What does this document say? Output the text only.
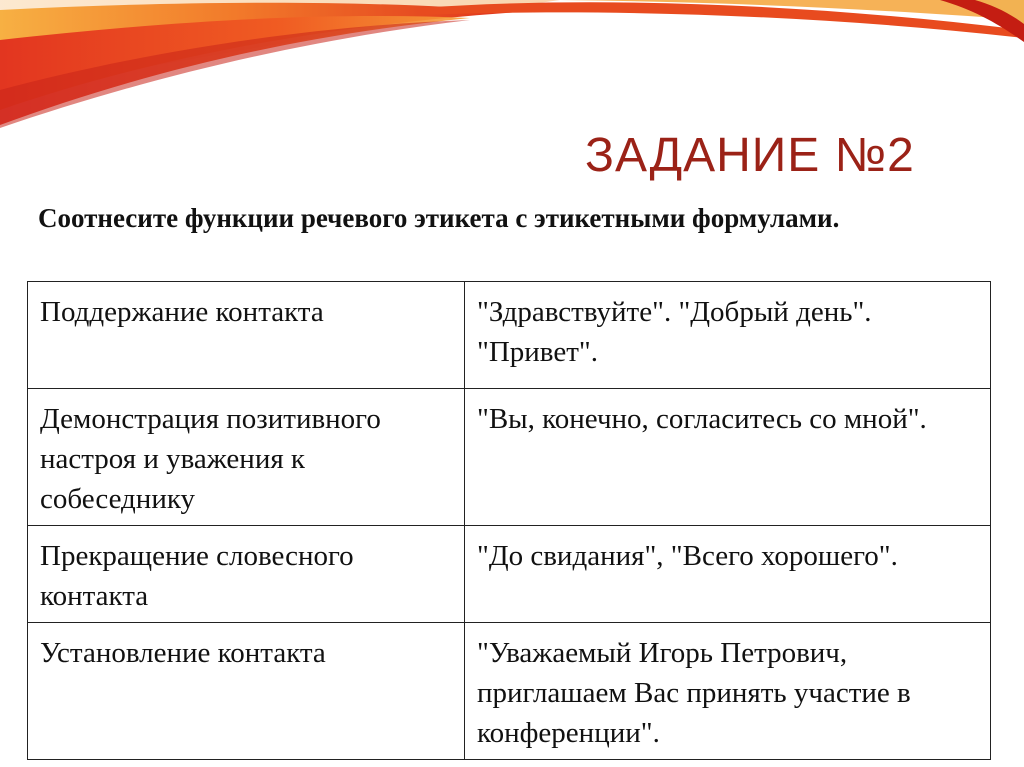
ЗАДАНИЕ №2
Соотнесите функции речевого этикета с этикетными формулами.
Поддержание контакта	"Здравствуйте". "Добрый день". "Привет".
Демонстрация позитивного настроя и уважения к собеседнику	"Вы, конечно, согласитесь со мной".
Прекращение словесного контакта	"До свидания", "Всего хорошего".
Установление контакта	"Уважаемый Игорь Петрович, приглашаем Вас принять участие в конференции".
